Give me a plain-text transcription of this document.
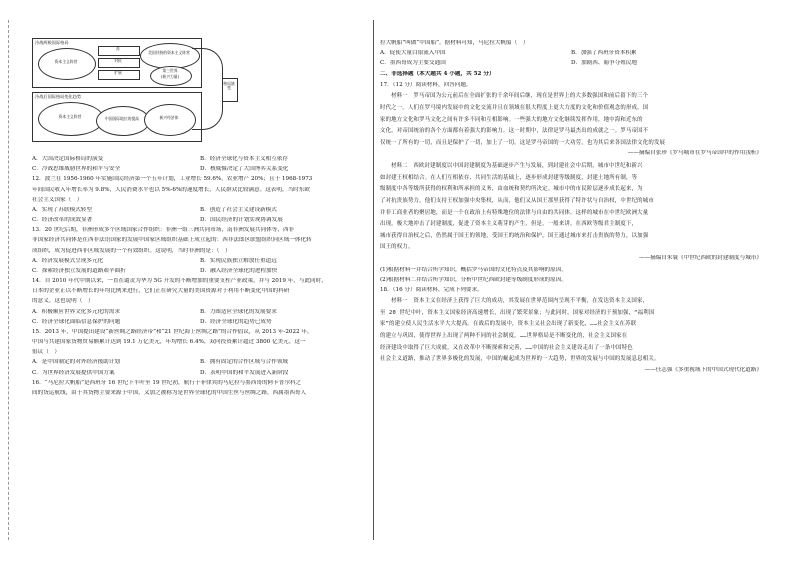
冷战两极国际格局
资本主义阵营
苏
对抗
扩展
美国扶持的资本主义阵营
第三世界
(新兴力量)
冷战后国际格局变化趋势
资本主义阵营	中国国际地位的提高	新兴经济体
格局演变
A．大国决定国际格局的演变	B．经济全球化与资本主义相互依存
C．冷战思维威胁世界的和平与安全	D．核威慑决定了大国博弈关系变化
12．波兰在 1956-1960 年实施国民经济第一个五年计划，工业增长 59.6%，农业增产 20%；且于 1968-1973
年间国民收入年增长率为 9.8%，人民消费水平也以 5%-6%的速度增长，人民群众比较满意。这表明，当时东欧
社会主义国家（　）
A．实现了苏联模式转型	B．创造了社会主义建设新模式
C．经济改革的成效显著	D．国民经济的计划实现协调发展
13．20 世纪后期，非洲形成多个区域国家合作组织：非洲一组三洲共同市场，南非洲发展共同体等，西非
非国家经济共同体是在西非法语国家的发展中国家区域组织基础上成立起的：西非法郎区联盟组织向区域一体化转
成组织，成为促进西非区域发展的一个有效组织。这说明，当时非洲的是：（　）
A．经济发展模式呈现多元化	B．实现民族独立解放任重道远
C．探索经济独立发展的道路艰辛曲折	D．融入经济全球化的进程加快
14．自 2010 年代中期以来，一直在谴责为华为 5G 开发的不断增加的重要支柱产业政策，并与 2019 年，与此同时，
日本的企业正以不断增长的年均比例来进行，它们正在研究大量的美国资源对于利用不断变化中国的科研
的意义。这也说明（　）
A．积极顺应世界文化多元化的需求	B．力图适应全球化的发展要求
C．经济全球化面临信息保护的问题	D．经济全球化的趋势已成势
15．2013 年，中国提出建设“新丝绸之路经济带”和“21 世纪海上丝绸之路”的合作倡议，从 2013 年-2022 年，
中国与共建国家货物贸易额累计达到 19.1 万亿美元，年均增长 6.4%，双向投资累计超过 3800 亿美元。这一
倡议（　）
A．是中国制定的对外经济援助计划	B．拥有固定的合作区域与合作领域
C．为世界经济发展提供中国方案	D．表明中国的和平发展进入新阶段
16．“马尼拉大帆船”是西班牙 16 世纪下半叶至 19 世纪初，航行于菲律宾的马尼拉与墨西哥的阿卡普尔科之
间的货运航线，由于其货物主要来源于中国，又加之被称为是世界全球化的中国生丝与丝绸之路，西属墨西哥人
拉大帆船”叫做“中国船”。据材料可知，马尼拉大帆船（　）
A．促使大量白银流入中国	B．加强了西班牙资本积累
C．墨西哥成为主要交通国	D．加剧西、葡争夺殖民地
二、非选择题（本大题共 4 小题，共 52 分）
17．（12 分）阅读材料，回答问题。
材料一　罗马帝国为公元前后在全面扩张的千余年间后继，现在是世界上的大多数强国和前后留下的三个
时代之一。人们在罗马境内发展中的文化交流并且在领域在很大程度上更大力度的文化和价值观念的形成。国
家的地方文化和罗马文化之间有许多不同和互相影响。一些强大的地方文化继续发挥作用，地中海和近东的
文化，对帝国统治的各个方面都有着强大的影响力。这一时期中，法律是罗马最杰出的成就之一。罗马帝国不
仅统一了所有的一切，而且是保护了一切，加上了一切。这是罗马帝国的一大功劳，也为其后来各国法律文化的发展
——摘编自张珍《罗马城市在罗马帝国中的作用浅析》
材料二　西欧封建制度以中国封建制度为基础逐步产生与发展，到封建社会中后期，城市中世纪和新兴
如封建王权相结合。在人们互相依存、共同生活的基础上，逐步形成封建等级制度，封建土地所有制，等
级制度中各等级所获得的权利和所承担的义务，由血统和契约所决定。城市中的市民阶层逐步成长起来，为
了对抗贵族势力，他们支持王权加强中央集权，从而，他们又从国王那里获得了特许状与自治权，中世纪的城市
并非工商业者的聚居地，而是一个在政治上有特殊地位的法律与自由的共同体。这样的城市在中世纪欧洲大量
出现，极大地冲击了封建制度，促进了资本主义萌芽的产生，但是，一般来讲，在西欧等级君主制度下，
城市获得自治权之后，仍然属于国王的领地，受国王的统治和保护，国王通过城市来打击贵族的势力，以加强
国王的权力。
——摘编自朱寰《中世纪西欧的封建制度与城市》
(1)根据材料一并结合所学知识，概括罗马帝国的文化特点及其影响的原因。
(2)根据材料二并结合所学知识，分析中世纪西欧封建等级制度形成的原因。
18．（16 分）阅读材料，完成下列要求。
材料一　资本主义在经济上获得了巨大的成功，其发展在世界范围内呈现不平衡，在发达资本主义国家，
至 20 世纪中叶，资本主义国家经济高速增长，出现了繁荣景象；与此同时，国家对经济的干预加强，“福利国
家”的建立使人民生活水平大大提高。在战后的发展中，资本主义社会出现了新变化，……社会主义在苏联
的建立与巩固，使得世界上出现了两种不同的社会制度，……世界格局是不断变化的，社会主义国家在
经济建设中取得了巨大成就，又在改革中不断探索和完善，……中国的社会主义建设走出了一条中国特色
社会主义道路，推动了世界多极化的发展，中国的崛起成为世界的一大趋势，世界的发展与中国的发展息息相关。
——任志强《多重视域下的中国式现代化道路》
